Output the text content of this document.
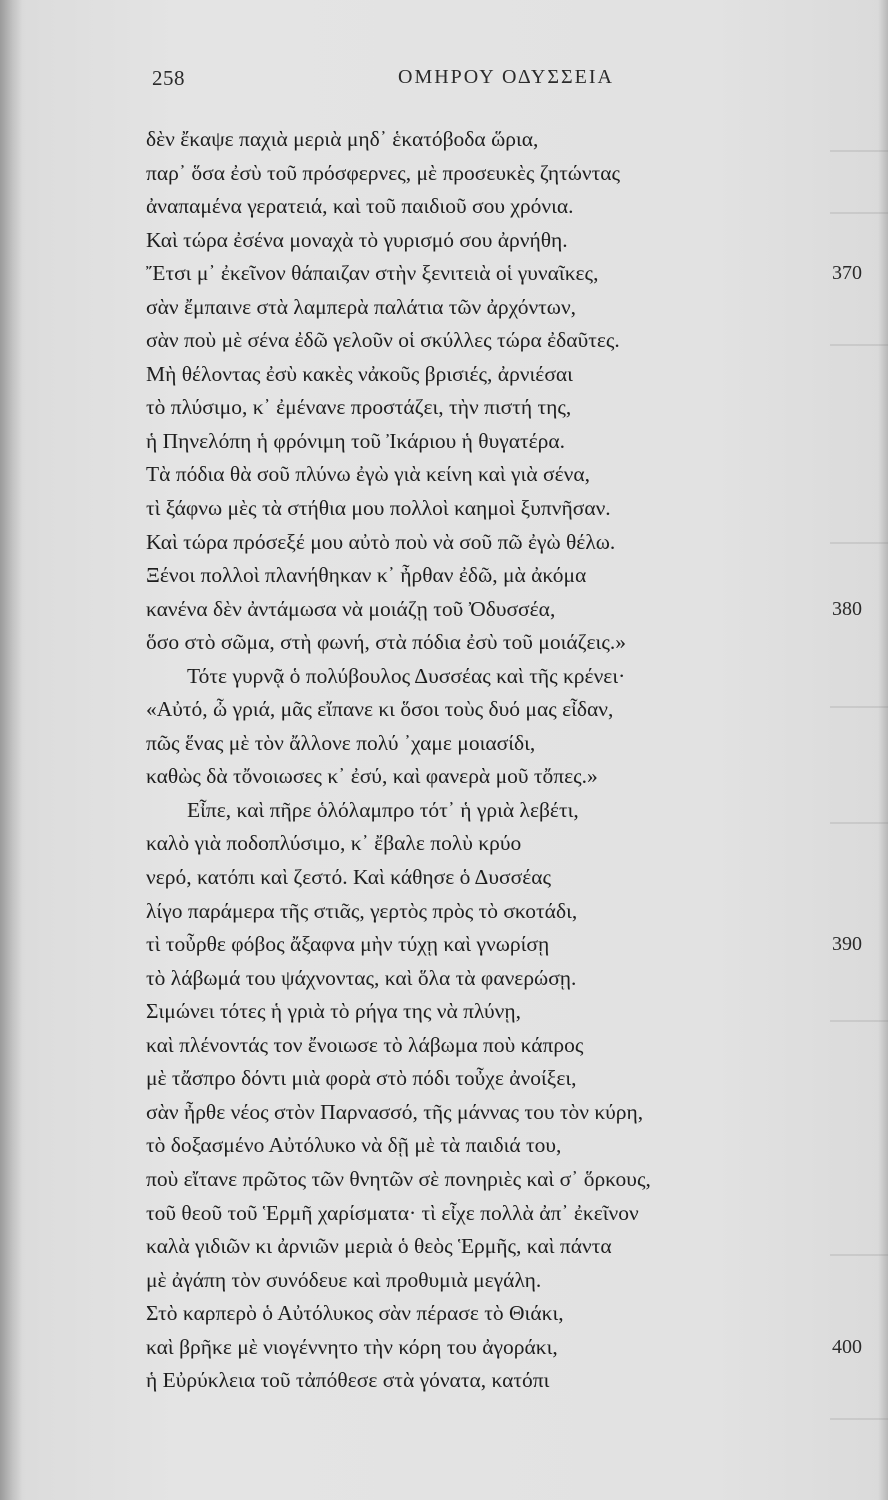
258	ΟΜΗΡΟΥ ΟΔΥΣΣΕΙΑ
δὲν ἔκαψε παχιὰ μεριὰ μηδ᾽ ἑκατόβοδα ὥρια,
παρ᾽ ὅσα ἐσὺ τοῦ πρόσφερνες, μὲ προσευκὲς ζητώντας
ἀναπαμένα γερατειά, καὶ τοῦ παιδιοῦ σου χρόνια.
Καὶ τώρα ἐσένα μοναχὰ τὸ γυρισμό σου ἀρνήθη.
Ἔτσι μ᾽ ἐκεῖνον θάπαιζαν στὴν ξενιτειὰ οἱ γυναῖκες,	370
σὰν ἔμπαινε στὰ λαμπερὰ παλάτια τῶν ἀρχόντων,
σὰν ποὺ μὲ σένα ἐδῶ γελοῦν οἱ σκύλλες τώρα ἐδαῦτες.
Μὴ θέλοντας ἐσὺ κακὲς νἀκοῦς βρισιές, ἀρνιέσαι
τὸ πλύσιμο, κ᾽ ἐμένανε προστάζει, τὴν πιστή της,
ἡ Πηνελόπη ἡ φρόνιμη τοῦ Ἰκάριου ἡ θυγατέρα.
Τὰ πόδια θὰ σοῦ πλύνω ἐγὼ γιὰ κείνη καὶ γιὰ σένα,
τὶ ξάφνω μὲς τὰ στήθια μου πολλοὶ καημοὶ ξυπνῆσαν.
Καὶ τώρα πρόσεξέ μου αὐτὸ ποὺ νὰ σοῦ πῶ ἐγὼ θέλω.
Ξένοι πολλοὶ πλανήθηκαν κ᾽ ἦρθαν ἐδῶ, μὰ ἀκόμα
κανένα δὲν ἀντάμωσα νὰ μοιάζῃ τοῦ Ὀδυσσέα,	380
ὅσο στὸ σῶμα, στὴ φωνή, στὰ πόδια ἐσὺ τοῦ μοιάζεις.»
Τότε γυρνᾷ ὁ πολύβουλος Δυσσέας καὶ τῆς κρένει·
«Αὐτό, ὦ γριά, μᾶς εἴπανε κι ὅσοι τοὺς δυό μας εἶδαν,
πῶς ἕνας μὲ τὸν ἄλλονε πολύ ᾽χαμε μοιασίδι,
καθὼς δὰ τὄνοιωσες κ᾽ ἐσύ, καὶ φανερὰ μοῦ τὄπες.»
Εἶπε, καὶ πῆρε ὁλόλαμπρο τότ᾽ ἡ γριὰ λεβέτι,
καλὸ γιὰ ποδοπλύσιμο, κ᾽ ἔβαλε πολὺ κρύο
νερό, κατόπι καὶ ζεστό. Καὶ κάθησε ὁ Δυσσέας
λίγο παράμερα τῆς στιᾶς, γερτὸς πρὸς τὸ σκοτάδι,
τὶ τοὖρθε φόβος ἄξαφνα μὴν τύχῃ καὶ γνωρίσῃ	390
τὸ λάβωμά του ψάχνοντας, καὶ ὅλα τὰ φανερώσῃ.
Σιμώνει τότες ἡ γριὰ τὸ ρήγα της νὰ πλύνῃ,
καὶ πλένοντάς τον ἔνοιωσε τὸ λάβωμα ποὺ κάπρος
μὲ τἄσπρο δόντι μιὰ φορὰ στὸ πόδι τοὖχε ἀνοίξει,
σὰν ἦρθε νέος στὸν Παρνασσό, τῆς μάννας του τὸν κύρη,
τὸ δοξασμένο Αὐτόλυκο νὰ δῇ μὲ τὰ παιδιά του,
ποὺ εἴτανε πρῶτος τῶν θνητῶν σὲ πονηριὲς καὶ σ᾽ ὅρκους,
τοῦ θεοῦ τοῦ Ἑρμῆ χαρίσματα· τὶ εἶχε πολλὰ ἀπ᾽ ἐκεῖνον
καλὰ γιδιῶν κι ἀρνιῶν μεριὰ ὁ θεὸς Ἑρμῆς, καὶ πάντα
μὲ ἀγάπη τὸν συνόδευε καὶ προθυμιὰ μεγάλη.
Στὸ καρπερὸ ὁ Αὐτόλυκος σὰν πέρασε τὸ Θιάκι,
καὶ βρῆκε μὲ νιογέννητο τὴν κόρη του ἀγοράκι,	400
ἡ Εὐρύκλεια τοῦ τἀπόθεσε στὰ γόνατα, κατόπι
